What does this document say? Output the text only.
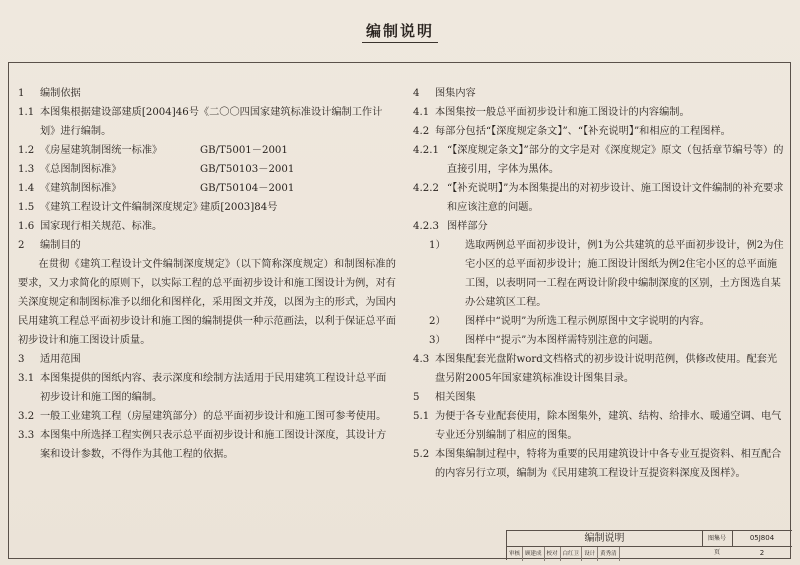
编制说明
1 编制依据
1.1 本图集根据建设部建质[2004]46号《二〇〇四国家建筑标准设计编制工作计划》进行编制。
1.2 《房屋建筑制图统一标准》	GB/T5001－2001
1.3 《总图制图标准》	GB/T50103－2001
1.4 《建筑制图标准》	GB/T50104－2001
1.5 《建筑工程设计文件编制深度规定》
建质[2003]84号
1.6 国家现行相关规范、标准。
2 编制目的
在贯彻《建筑工程设计文件编制深度规定》（以下简称深度规定）和制图标准的要求，又力求简化的原则下，以实际工程的总平面初步设计和施工图设计为例，对有关深度规定和制图标准予以细化和图样化，采用图文并茂，以图为主的形式，为国内民用建筑工程总平面初步设计和施工图的编制提供一种示范画法，以利于保证总平面初步设计和施工图设计质量。
3 适用范围
3.1 本图集提供的图纸内容、表示深度和绘制方法适用于民用建筑工程设计总平面初步设计和施工图的编制。
3.2 一般工业建筑工程（房屋建筑部分）的总平面初步设计和施工图可参考使用。
3.3 本图集中所选择工程实例只表示总平面初步设计和施工图设计深度，其设计方案和设计参数，不得作为其他工程的依据。
4 图集内容
4.1 本图集按一般总平面初步设计和施工图设计的内容编制。
4.2 每部分包括“【深度规定条文】”、“【补充说明】”和相应的工程图样。
4.2.1 “【深度规定条文】”部分的文字是对《深度规定》原文（包括章节编号等）的直接引用，字体为黑体。
4.2.2 “【补充说明】”为本图集提出的对初步设计、施工图设计文件编制的补充要求和应该注意的问题。
4.2.3 图样部分
1） 选取两例总平面初步设计，例1为公共建筑的总平面初步设计，例2为住宅小区的总平面初步设计；施工图设计图纸为例2住宅小区的总平面施工图，以表明同一工程在两设计阶段中编制深度的区别，土方图选自某办公建筑区工程。
2） 图样中“说明”为所选工程示例原图中文字说明的内容。
3） 图样中“提示”为本图样需特别注意的问题。
4.3 本图集配套光盘附word文档格式的初步设计说明范例，供修改使用。配套光盘另附2005年国家建筑标准设计图集目录。
5 相关图集
5.1 为便于各专业配套使用，除本图集外，建筑、结构、给排水、暖通空调、电气专业还分别编制了相应的图集。
5.2 本图集编制过程中，特将为重要的民用建筑设计中各专业互提资料、相互配合的内容另行立项，编制为《民用建筑工程设计互提资料深度及图样》。
编制说明	图集号	05J804
审核 顾建成 校对 白红卫 设计 黄秀清	页	2
